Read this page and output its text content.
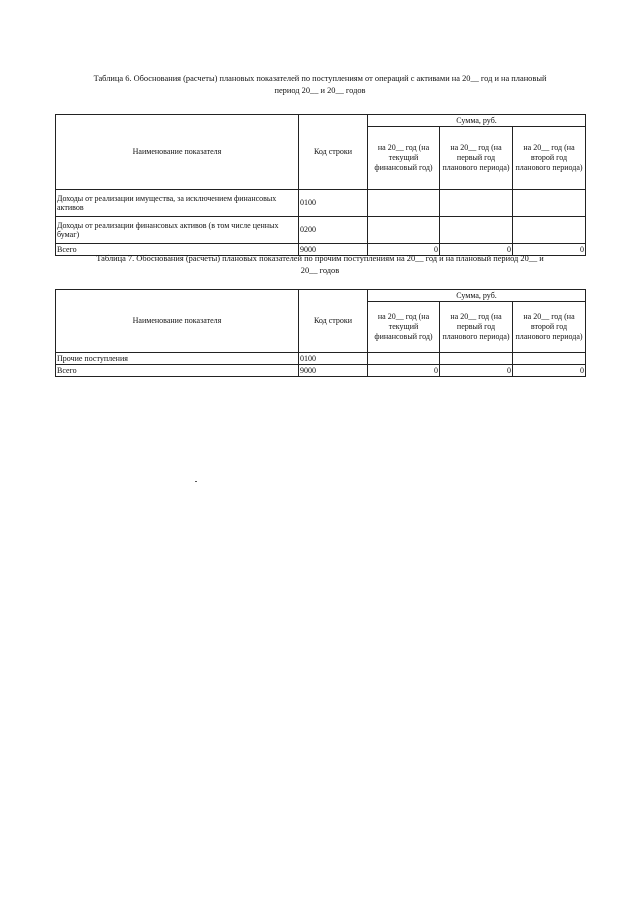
Таблица 6. Обоснования (расчеты) плановых показателей по поступлениям от операций с активами на 20__ год и на плановый
период 20__ и 20__ годов
Наименование показателя	Код строки	Сумма, руб.		
		на 20__ год (на текущий финансовый год)	на 20__ год (на первый год планового периода)	на 20__ год (на второй год планового периода)
Доходы от реализации имущества, за исключением финансовых активов	0100			
Доходы от реализации финансовых активов (в том числе ценных бумаг)	0200			
Всего	9000	0	0	0
Таблица 7. Обоснования (расчеты) плановых показателей по прочим поступлениям на 20__ год и на плановый период 20__ и
20__ годов
Наименование показателя	Код строки	Сумма, руб.		
		на 20__ год (на текущий финансовый год)	на 20__ год (на первый год планового периода)	на 20__ год (на второй год планового периода)
Прочие поступления	0100			
Всего	9000	0	0	0
